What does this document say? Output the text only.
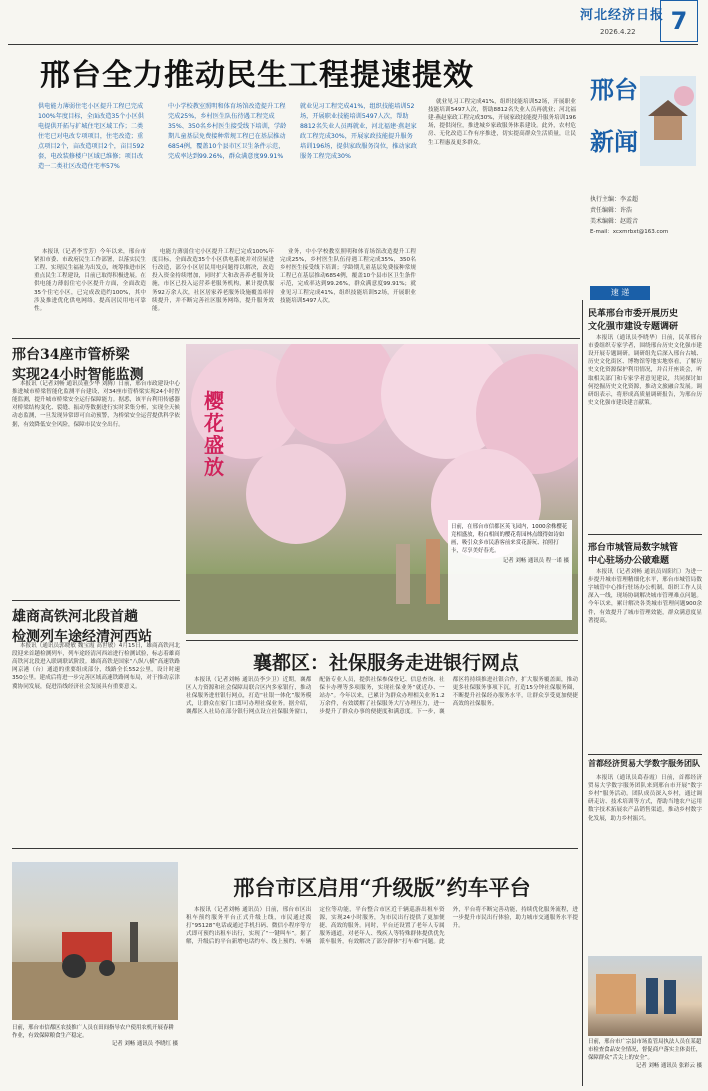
河北经济日报
2026.4.22	7
邢台全力推动民生工程提速提效
供电能力薄弱住宅小区提升工程已完成100%年度目标，全面改造35个小区供电提供开拓与扩城住宅区域工作；二类住宅已对电改专项项目，住宅改造；重点项目2个，亩改造项目2个，亩目592套，电改装修楼户区域已维修；项目改造一二类社区改造住宅率57%
中小学校教室照明和体育场馆改造提升工程完成25%，乡村医生队伍待遇工程完成35%、350名乡村医生接受线下培训，学龄期儿童基层免费接种常规工程已在基层推动6854例，覆盖10个县市区卫生条件示范，完成率达到99.26%，群众满意度99.91%
就业见习工程完成41%，组织技能培训52场，开展职业技能培训5497人次，帮助8812名失业人员再就业，河北福建·燕赵家政工程完成30%，开展家政技能提升服务培训196场，提供家政服务岗位，推动家政服务工程完成30%

本报讯（记者李雪芳）今年以来，邢台市紧扣市委、市政府民生工作部署，以落实民生工程、实现民生福祉为出发点，统筹推进市区重点民生工程建设，目前已取得积极进展。在供电能力薄弱住宅小区提升方面，全面改造35个住宅小区，已完成改造约100%，其中涉及推进优化供电网络，提高居民用电可靠性。

电能力薄弱住宅小区提升工程已完成100%年度目标，全面改造35个小区供电系统并对房屋进行改造，部分小区居民用电问题得以解决，改造投入资金持续增加，同时扩大和改善养老服务设施，市区已投入运营养老服务机构，累计提供服务92万余人次，社区居家养老服务设施覆盖率持续提升，并不断完善社区服务网络，提升服务效能。

业务，中小学校教室照明和体育场馆改造提升工程完成25%，乡村医生队伍待遇工程完成35%，350名乡村医生接受线下培训；学龄期儿童基层免费接种常规工程已在基层推动6854例，覆盖10个县市区卫生条件示范，完成率达到99.26%，群众满意度99.91%；就业见习工程完成41%，组织技能培训52场，开展职业技能培训5497人次。

就业见习工程完成41%，组织技能培训52场，开展职业技能培训5497人次，帮助8812名失业人员再就业；河北福建·燕赵家政工程完成30%，开展家政技能提升服务培训196场，提供岗位，推进城乡家政服务体系建设。此外，农村危房、无化改造工作有序推进，切实提高群众生活质量，让民生工程惠及更多群众。

邢台
新闻
执行主编：李孟超
责任编辑：许浩
美术编辑：赵霞音
E-mail：xcxmrbxt@163.com
速 递
邢台34座市管桥梁
实现24小时智能监测

本报讯（记者刘畅 通讯员董少华 刘腾）日前，邢台市政建设中心推进城市桥梁智能化监测平台建设，对34座市管桥梁实现24小时智能监测，提升城市桥梁安全运行保障能力。据悉，该平台利用传感器对桥梁结构变化、裂缝、振动等数据进行实时采集分析，实现全天候动态监测，一旦发现异常即可自动预警，为桥梁安全运营提供科学依据，有效降低安全风险，保障市民安全出行。

雄商高铁河北段首趟
检测列车途经清河西站

本报讯（通讯员郭晓敏 魏宝霞 高世敏）4月15日，雄商高铁河北段迎来首趟检测列车，列车途经清河西站进行检测试验，标志着雄商高铁河北段进入联调联试阶段。雄商高铁是国家“八纵八横”高速铁路网京港（台）通道的重要组成部分，线路全长552公里，设计时速350公里。建成后将进一步完善区域高速铁路网布局，对于推动京津冀协同发展，促进沿线经济社会发展具有重要意义。

樱花盛放
日前，在邢台市信都区英飞园内，1000余株樱花竞相盛放，粉白相间的樱花将园林点缀得如诗如画，吸引众多市民游客前来赏花游玩、拍照打卡，尽享美好春光。
记者 刘畅 通讯员 程一诺 摄
襄都区：社保服务走进银行网点

本报讯（记者刘畅 通讯员李少卫）近期，襄都区人力资源和社会保障局联合区内多家银行，推动社保服务进驻银行网点，打造“社银一体化”服务模式，让群众在家门口即可办理社保业务。据介绍，襄都区人社局在部分银行网点设立社保服务窗口，配备专业人员，提供社保参保登记、信息查询、社保卡办理等多项服务，实现社保业务“就近办、一站办”。今年以来，已累计为群众办理相关业务1.2万余件，有效缓解了社保服务大厅办理压力，进一步提升了群众办事的便捷度和满意度。下一步，襄都区将持续推进社银合作，扩大服务覆盖面，推动更多社保服务事项下沉，打造15分钟社保服务圈，不断提升社保经办服务水平，让群众享受更加便捷高效的社保服务。

日前，邢台市信都区农技推广人员在田间指导农户使用农机开展春耕作业，有效保障粮食生产稳定。
记者 刘畅 通讯员 李晓红 摄
邢台市区启用“升级版”约车平台

本报讯（记者刘畅 通讯员）日前，邢台市区出租车预约服务平台正式升级上线，市民通过拨打“95128”电话或通过手机扫码、微信小程序等方式即可预约出租车出行，实现了“一键叫车”。据了解，升级后的平台新增电话约车、线上预约、车辆定位等功能，平台整合市区近千辆巡游出租车资源，实现24小时服务，为市民出行提供了更加便捷、高效的服务。同时，平台还设置了老年人专属服务通道，对老年人、残疾人等特殊群体提供优先派车服务，有效解决了部分群体“打车难”问题。此外，平台将不断完善功能，持续优化服务流程，进一步提升市民出行体验，助力城市交通服务水平提升。

民革邢台市委开展历史
文化强市建设专题调研

本报讯（通讯员李晓华）日前，民革邢台市委组织专家学者，围绕邢台历史文化强市建设开展专题调研。调研组先后深入邢台古城、历史文化街区、博物馆等地实地察看，了解历史文化资源保护利用情况，并召开座谈会，听取相关部门和专家学者意见建议，共同探讨如何挖掘历史文化资源，推动文旅融合发展。调研组表示，将形成高质量调研报告，为邢台历史文化强市建设建言献策。

邢台市城管局数字城管
中心驻场办公破难题

本报讯（记者刘畅 通讯员周阳红）为进一步提升城市管理精细化水平，邢台市城管局数字城管中心推行驻场办公机制，组织工作人员深入一线，现场协调解决城市管理难点问题。今年以来，累计解决各类城市管理问题900余件，有效提升了城市管理效能，群众满意度显著提高。

首都经济贸易大学数字服务团队

本报讯（通讯员葛春霞）日前，首都经济贸易大学数字服务团队来到邢台市开展“数字乡村”服务活动。团队成员深入乡村，通过调研走访、技术培训等方式，帮助当地农户运用数字技术拓展农产品销售渠道，推动乡村数字化发展，助力乡村振兴。

日前，邢台市广宗县市场监管局执法人员在某超市检查食品安全情况，督促商户落实主体责任，保障群众“舌尖上的安全”。
记者 刘畅 通讯员 张彩云 摄
